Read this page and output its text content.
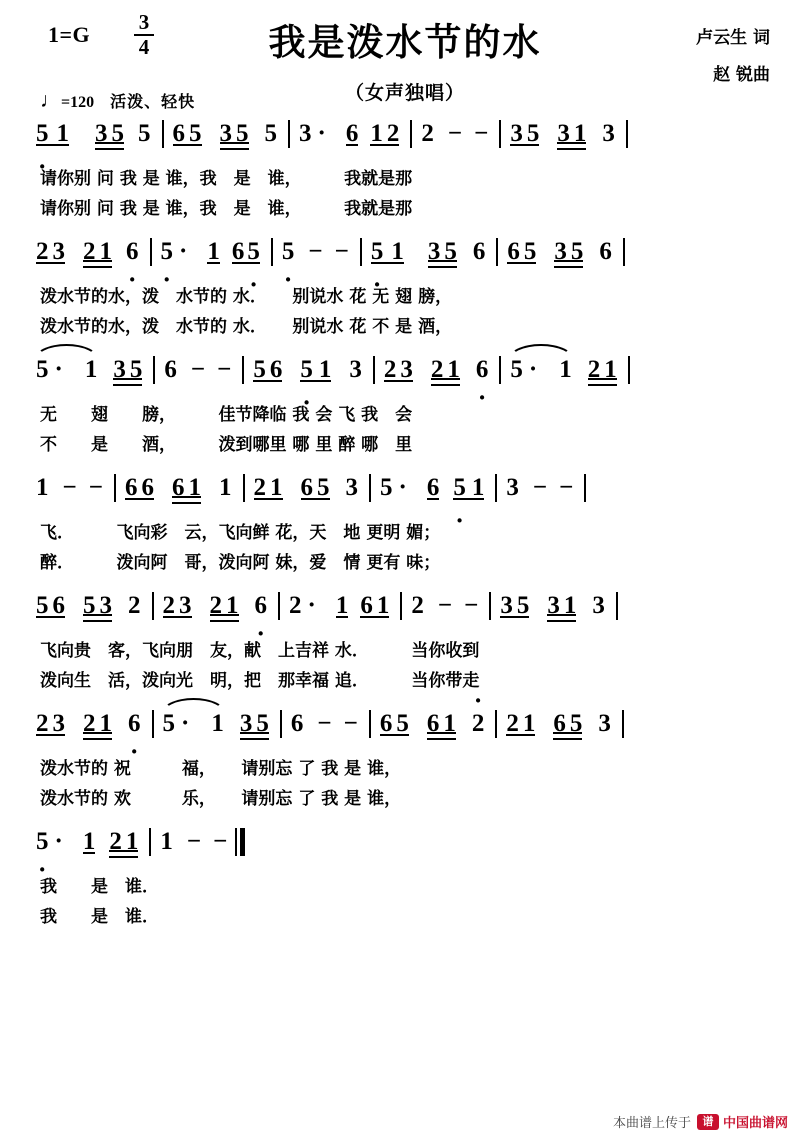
1=G 3
4	我是泼水节的水
（女声独唱）
卢云生 词
赵 锐曲
♩=120 活泼、轻快
5 · 1 3 5 5 6 5 3 5 5 3 · 6 1 2 2 − − 3 5 3 1 3

请你别 问 我 是 谁，我　是　谁，　　　我就是那

请你别 问 我 是 谁，我　是　谁，　　　我就是那

2 3 2 1 6 · 5 · · 1 6 5 · 5 · − − 5 · 1 3 5 6 6 5 3 5 6

泼水节的水，泼　水节的 水．　　别说水 花 无 翅 膀，

泼水节的水，泼　水节的 水．　　别说水 花 不 是 酒，

5 · 1 3 5 6 − − 5 6 5 · 1 3 2 3 2 1 6 · 5 · 1 2 1

无　　翅　　膀，　　　佳节降临 我 会 飞 我　会

不　　是　　酒，　　　泼到哪里 哪 里 醉 哪　里

1 − − 6 6 6 1 1 2 1 6 5 3 5 · 6 5 · 1 3 − −

飞．　　　飞向彩　云，飞向鲜 花，天　地 更明 媚；

醉．　　　泼向阿　哥，泼向阿 妹，爱　情 更有 味；

5 6 5 3 2 2 3 2 1 6 · 2 · 1 6 1 2 − − 3 5 3 1 3

飞向贵　客，飞向朋　友，献　上吉祥 水．　　　当你收到

泼向生　活，泼向光　明，把　那幸福 追．　　　当你带走

2 3 2 1 6 · 5 · 1 3 5 6 − − 6 5 6 1 · 2 2 1 6 5 3

泼水节的 祝　　　福，　　请别忘 了 我 是 谁，

泼水节的 欢　　　乐，　　请别忘 了 我 是 谁，

5 · · 1 2 1 1 − −

我　　是　谁．

我　　是　谁．

本曲谱上传于	谱 中国曲谱网
